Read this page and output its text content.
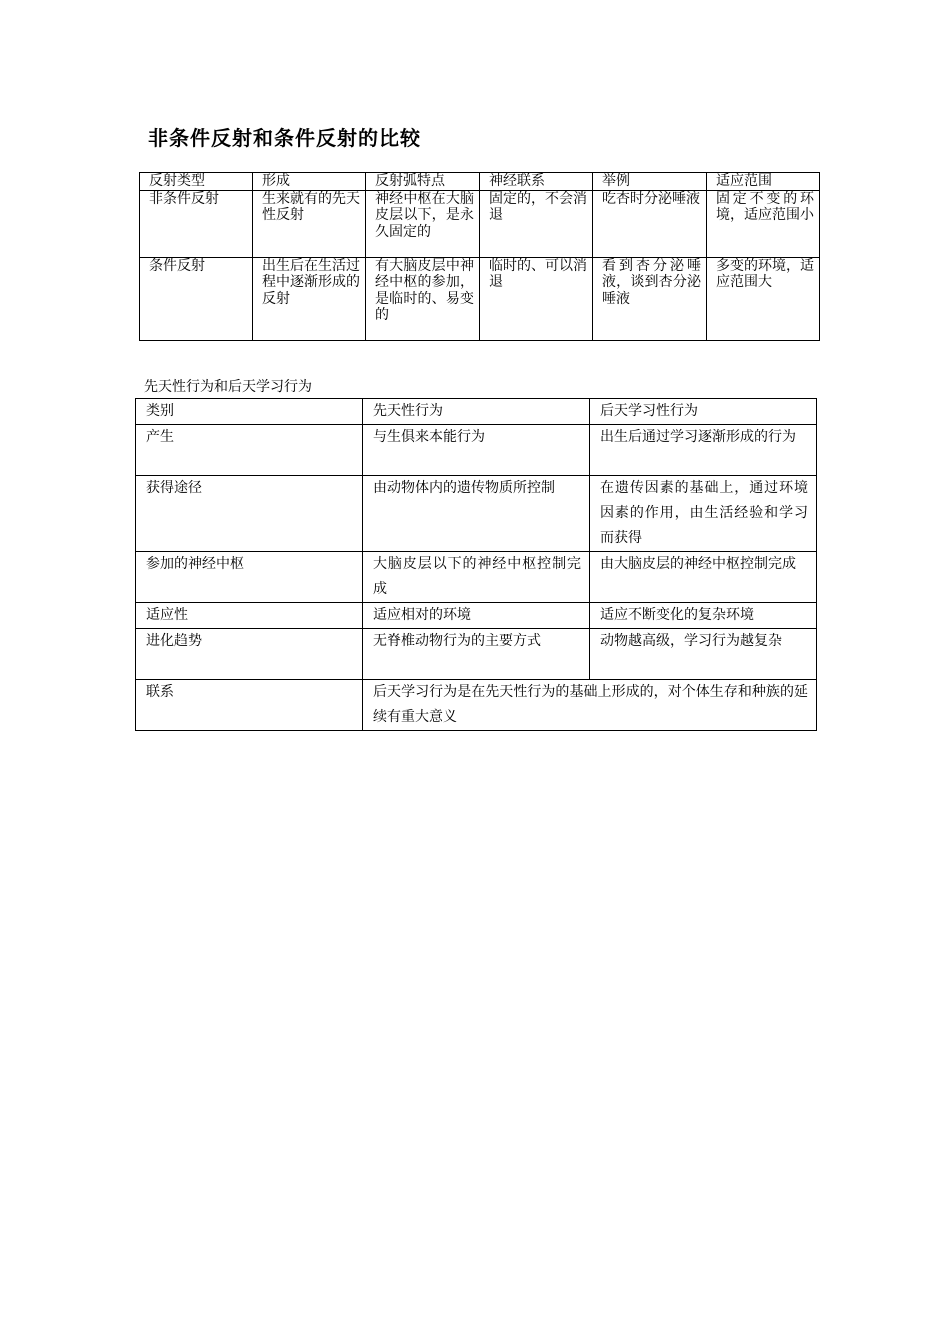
非条件反射和条件反射的比较
反射类型	形成	反射弧特点	神经联系	举例	适应范围
非条件反射	生来就有的先天性反射	神经中枢在大脑皮层以下，是永久固定的	固定的，不会消退	吃杏时分泌唾液	固定不变的环境，适应范围小
条件反射	出生后在生活过程中逐渐形成的反射	有大脑皮层中神经中枢的参加，是临时的、易变的	临时的、可以消退	看到杏分泌唾液，谈到杏分泌唾液	多变的环境，适应范围大
先天性行为和后天学习行为
类别	先天性行为	后天学习性行为
产生	与生俱来本能行为	出生后通过学习逐渐形成的行为
获得途径	由动物体内的遗传物质所控制	在遗传因素的基础上，通过环境因素的作用，由生活经验和学习而获得
参加的神经中枢	大脑皮层以下的神经中枢控制完成	由大脑皮层的神经中枢控制完成
适应性	适应相对的环境	适应不断变化的复杂环境
进化趋势	无脊椎动物行为的主要方式	动物越高级，学习行为越复杂
联系	后天学习行为是在先天性行为的基础上形成的，对个体生存和种族的延续有重大意义	
